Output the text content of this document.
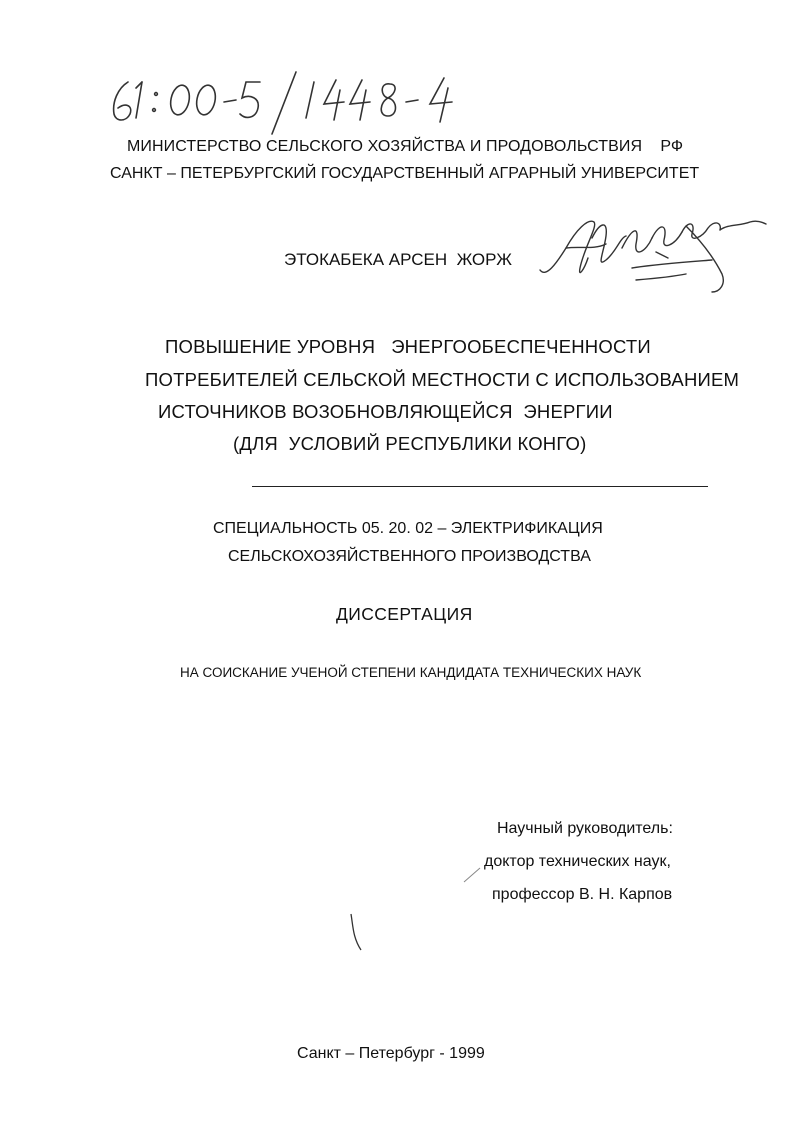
МИНИСТЕРСТВО СЕЛЬСКОГО ХОЗЯЙСТВА И ПРОДОВОЛЬСТВИЯ    РФ
САНКТ – ПЕТЕРБУРГСКИЙ ГОСУДАРСТВЕННЫЙ АГРАРНЫЙ УНИВЕРСИТЕТ
ЭТОКАБЕКА АРСЕН  ЖОРЖ
ПОВЫШЕНИЕ УРОВНЯ   ЭНЕРГООБЕСПЕЧЕННОСТИ
ПОТРЕБИТЕЛЕЙ СЕЛЬСКОЙ МЕСТНОСТИ С ИСПОЛЬЗОВАНИЕМ
ИСТОЧНИКОВ ВОЗОБНОВЛЯЮЩЕЙСЯ  ЭНЕРГИИ
(ДЛЯ  УСЛОВИЙ РЕСПУБЛИКИ КОНГО)
СПЕЦИАЛЬНОСТЬ 05. 20. 02 – ЭЛЕКТРИФИКАЦИЯ
СЕЛЬСКОХОЗЯЙСТВЕННОГО ПРОИЗВОДСТВА
ДИССЕРТАЦИЯ
НА СОИСКАНИЕ УЧЕНОЙ СТЕПЕНИ КАНДИДАТА ТЕХНИЧЕСКИХ НАУК
Научный руководитель:
доктор технических наук,
профессор В. Н. Карпов
Санкт – Петербург - 1999
